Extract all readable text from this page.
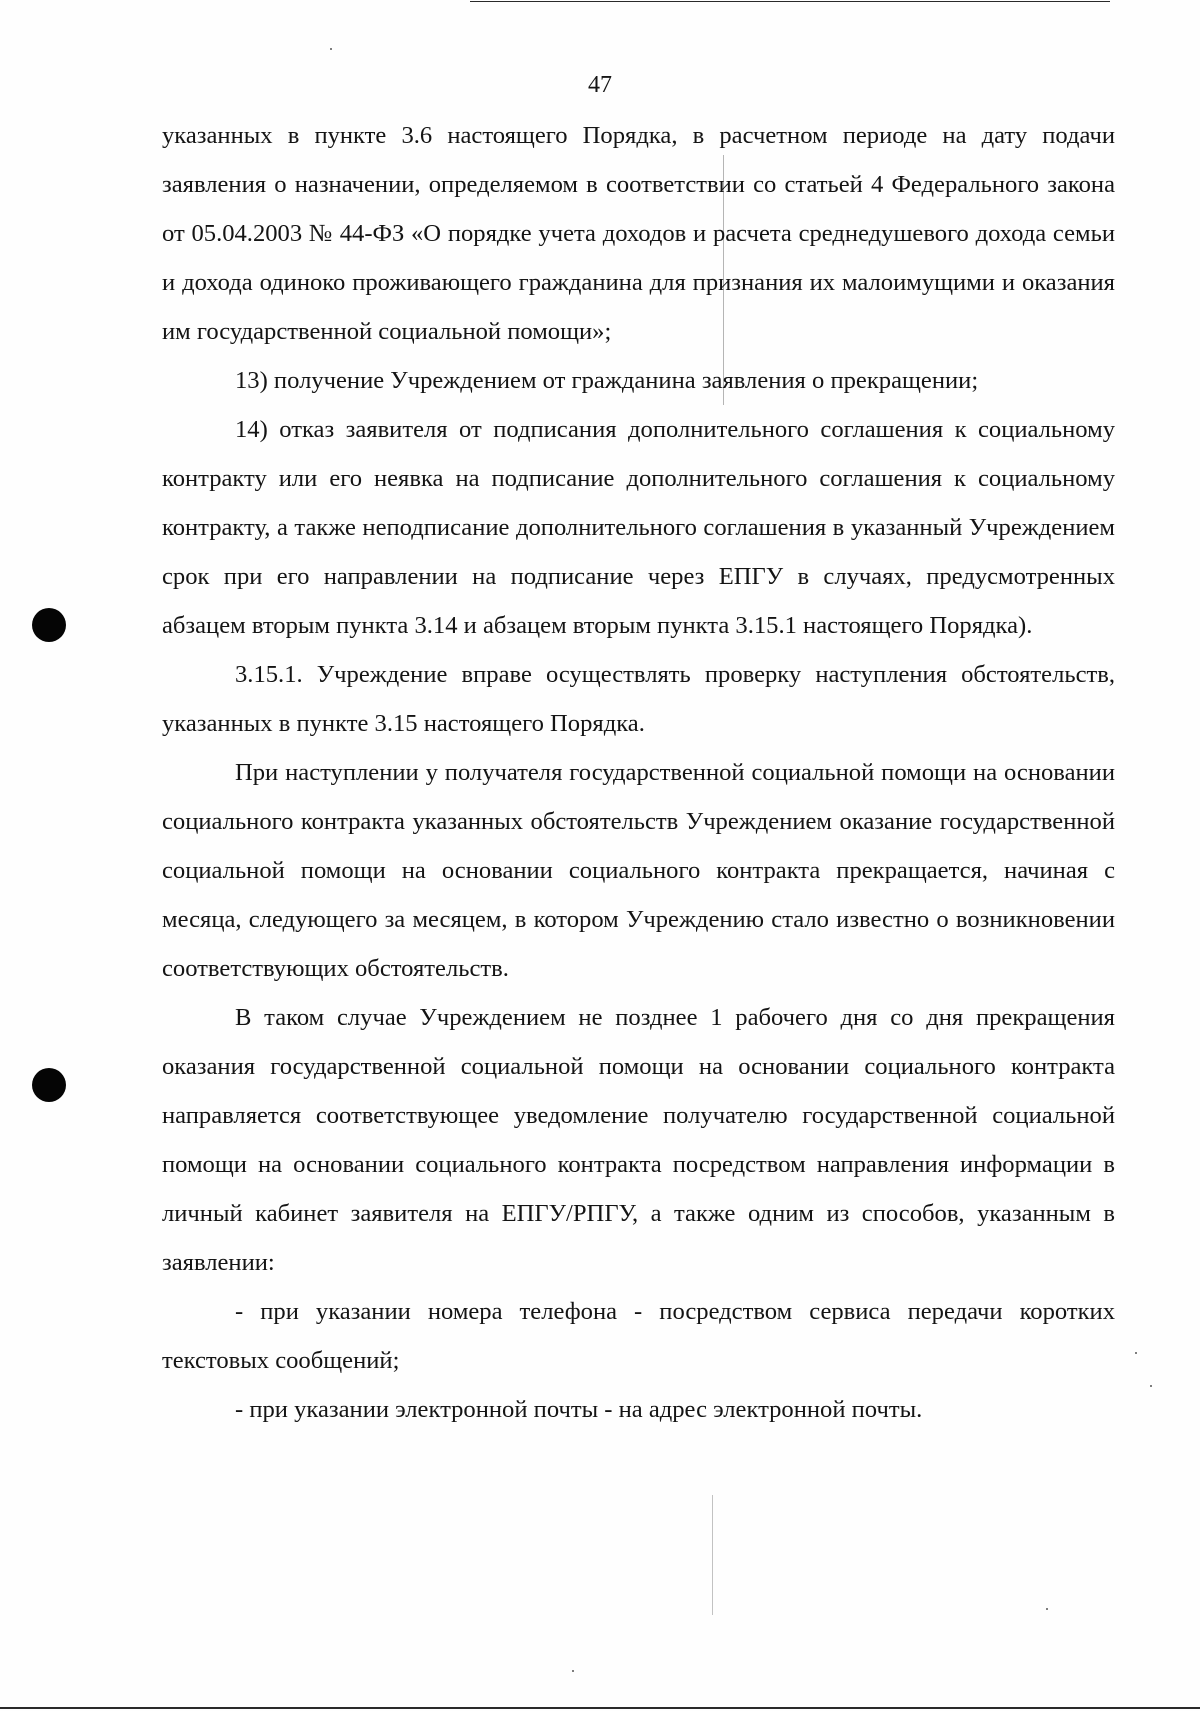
47

указанных в пункте 3.6 настоящего Порядка, в расчетном периоде на дату подачи заявления о назначении, определяемом в соответствии со статьей 4 Федерального закона от 05.04.2003 № 44-ФЗ «О порядке учета доходов и расчета среднедушевого дохода семьи и дохода одиноко проживающего гражданина для признания их малоимущими и оказания им государственной социальной помощи»;

13) получение Учреждением от гражданина заявления о прекращении;

14) отказ заявителя от подписания дополнительного соглашения к социальному контракту или его неявка на подписание дополнительного соглашения к социальному контракту, а также неподписание дополнительного соглашения в указанный Учреждением срок при его направлении на подписание через ЕПГУ в случаях, предусмотренных абзацем вторым пункта 3.14 и абзацем вторым пункта 3.15.1 настоящего Порядка).

3.15.1. Учреждение вправе осуществлять проверку наступления обстоятельств, указанных в пункте 3.15 настоящего Порядка.

При наступлении у получателя государственной социальной помощи на основании социального контракта указанных обстоятельств Учреждением оказание государственной социальной помощи на основании социального контракта прекращается, начиная с месяца, следующего за месяцем, в котором Учреждению стало известно о возникновении соответствующих обстоятельств.

В таком случае Учреждением не позднее 1 рабочего дня со дня прекращения оказания государственной социальной помощи на основании социального контракта направляется соответствующее уведомление получателю государственной социальной помощи на основании социального контракта посредством направления информации в личный кабинет заявителя на ЕПГУ/РПГУ, а также одним из способов, указанным в заявлении:

- при указании номера телефона - посредством сервиса передачи коротких текстовых сообщений;

- при указании электронной почты - на адрес электронной почты.
